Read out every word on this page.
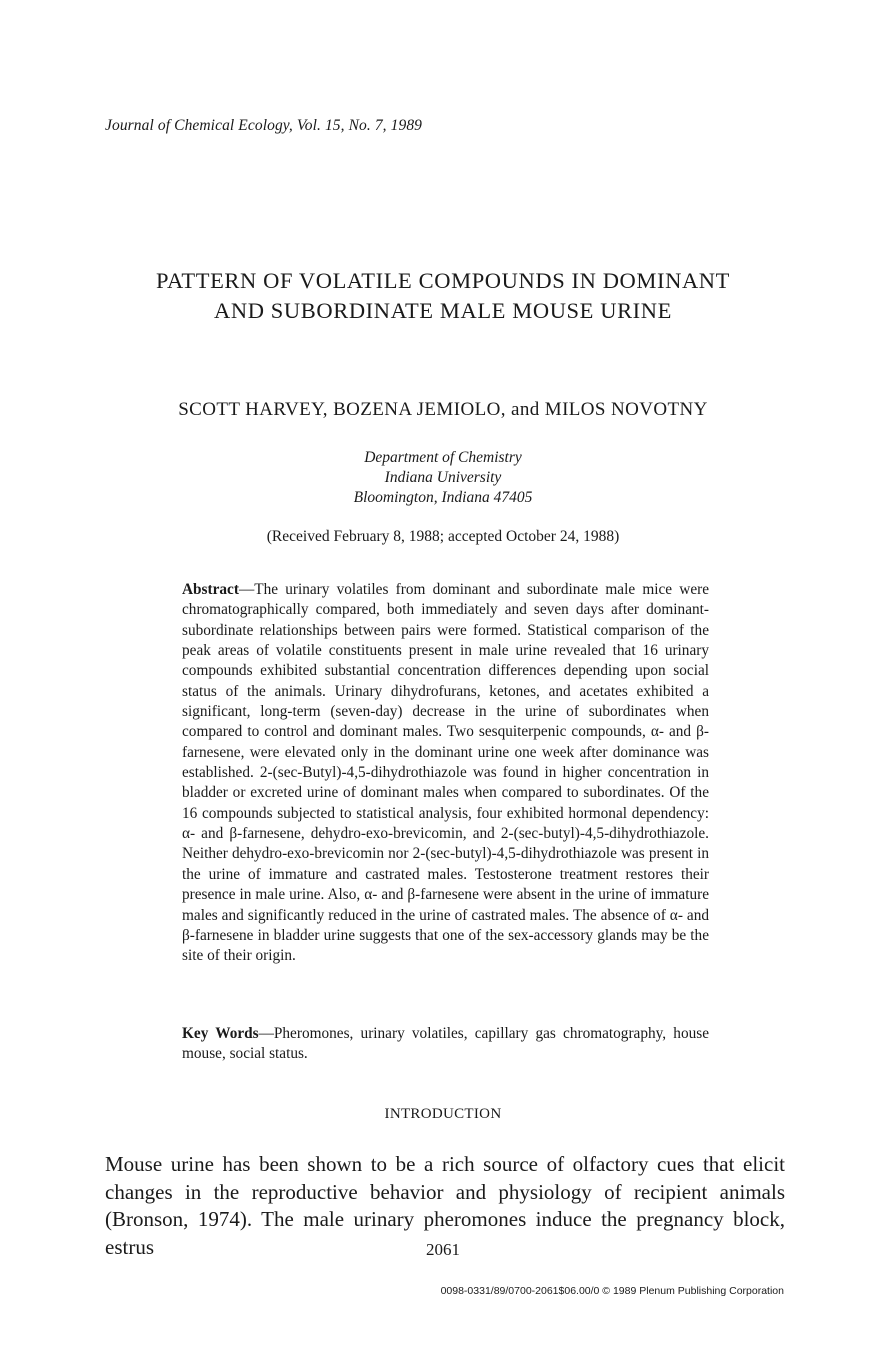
Journal of Chemical Ecology, Vol. 15, No. 7, 1989
PATTERN OF VOLATILE COMPOUNDS IN DOMINANT
AND SUBORDINATE MALE MOUSE URINE
SCOTT HARVEY, BOZENA JEMIOLO, and MILOS NOVOTNY
Department of Chemistry
Indiana University
Bloomington, Indiana 47405
(Received February 8, 1988; accepted October 24, 1988)
Abstract—The urinary volatiles from dominant and subordinate male mice were chromatographically compared, both immediately and seven days after dominant-subordinate relationships between pairs were formed. Statistical comparison of the peak areas of volatile constituents present in male urine revealed that 16 urinary compounds exhibited substantial concentration differences depending upon social status of the animals. Urinary dihydrofurans, ketones, and acetates exhibited a significant, long-term (seven-day) decrease in the urine of subordinates when compared to control and dominant males. Two sesquiterpenic compounds, α- and β-farnesene, were elevated only in the dominant urine one week after dominance was established. 2-(sec-Butyl)-4,5-dihydrothiazole was found in higher concentration in bladder or excreted urine of dominant males when compared to subordinates. Of the 16 compounds subjected to statistical analysis, four exhibited hormonal dependency: α- and β-farnesene, dehydro-exo-brevicomin, and 2-(sec-butyl)-4,5-dihydrothiazole. Neither dehydro-exo-brevicomin nor 2-(sec-butyl)-4,5-dihydrothiazole was present in the urine of immature and castrated males. Testosterone treatment restores their presence in male urine. Also, α- and β-farnesene were absent in the urine of immature males and significantly reduced in the urine of castrated males. The absence of α- and β-farnesene in bladder urine suggests that one of the sex-accessory glands may be the site of their origin.
Key Words—Pheromones, urinary volatiles, capillary gas chromatography, house mouse, social status.
INTRODUCTION
Mouse urine has been shown to be a rich source of olfactory cues that elicit changes in the reproductive behavior and physiology of recipient animals (Bronson, 1974). The male urinary pheromones induce the pregnancy block, estrus	2061
0098-0331/89/0700-2061$06.00/0 © 1989 Plenum Publishing Corporation
